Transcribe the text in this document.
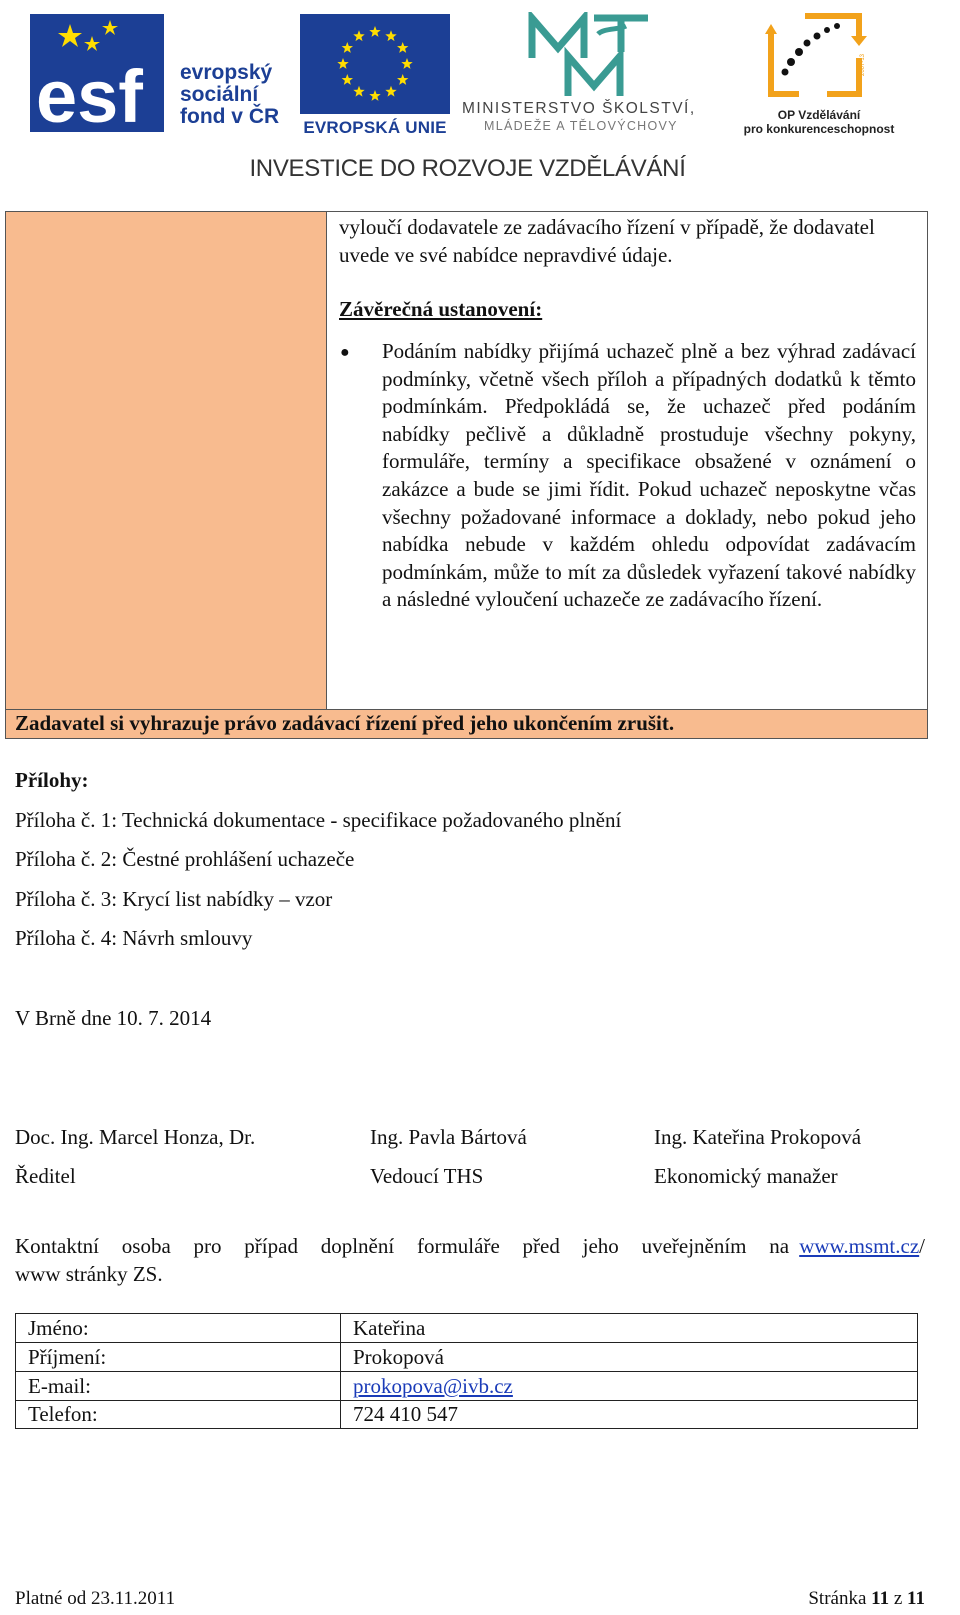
esf evropský
sociální
fond v ČR EVROPSKÁ UNIE
MINISTERSTVO ŠKOLSTVÍ,
MLÁDEŽE A TĚLOVÝCHOVY
2007-13
OP Vzdělávání
pro konkurenceschopnost
INVESTICE DO ROZVOJE VZDĚLÁVÁNÍ
vyloučí dodavatele ze zadávacího řízení v případě, že dodavatel uvede ve své nabídce nepravdivé údaje.
Závěrečná ustanovení:
● Podáním nabídky přijímá uchazeč plně a bez výhrad zadávací podmínky, včetně všech příloh a případných dodatků k těmto podmínkám. Předpokládá se, že uchazeč před podáním nabídky pečlivě a důkladně prostuduje všechny pokyny, formuláře, termíny a specifikace obsažené v oznámení o zakázce a bude se jimi řídit. Pokud uchazeč neposkytne včas všechny požadované informace a doklady, nebo pokud jeho nabídka nebude v každém ohledu odpovídat zadávacím podmínkám, může to mít za důsledek vyřazení takové nabídky a následné vyloučení uchazeče ze zadávacího řízení.
Zadavatel si vyhrazuje právo zadávací řízení před jeho ukončením zrušit.
Přílohy:
Příloha č. 1: Technická dokumentace - specifikace požadovaného plnění
Příloha č. 2: Čestné prohlášení uchazeče
Příloha č. 3: Krycí list nabídky – vzor
Příloha č. 4: Návrh smlouvy
V Brně dne 10. 7. 2014
Doc. Ing. Marcel Honza, Dr.	Ing. Pavla Bártová	Ing. Kateřina Prokopová
Ředitel	Vedoucí THS	Ekonomický manažer
Kontaktní osoba pro případ doplnění formuláře před jeho uveřejněním na www.msmt.cz/
www stránky ZS.
Jméno:	Kateřina
Příjmení:	Prokopová
E-mail:	prokopova@ivb.cz
Telefon:	724 410 547
Platné od 23.11.2011	Stránka 11 z 11
